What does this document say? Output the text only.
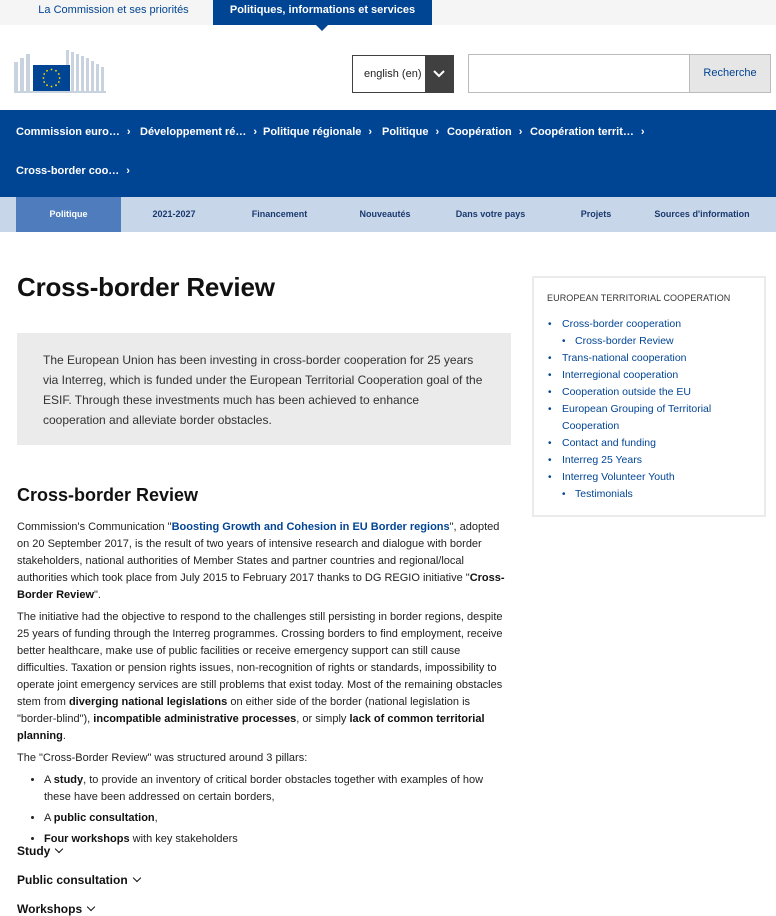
La Commission et ses priorités	Politiques, informations et services
english (en)	Recherche
Commission euro… › Développement ré… › Politique régionale › Politique › Coopération › Coopération territ… ›
Cross-border coo… ›
Politique	2021-2027	Financement	Nouveautés	Dans votre pays	Projets	Sources d'information
Cross-border Review
The European Union has been investing in cross-border cooperation for 25 years via Interreg, which is funded under the European Territorial Cooperation goal of the ESIF. Through these investments much has been achieved to enhance cooperation and alleviate border obstacles.
Cross-border Review

Commission's Communication "Boosting Growth and Cohesion in EU Border regions", adopted on 20 September 2017, is the result of two years of intensive research and dialogue with border stakeholders, national authorities of Member States and partner countries and regional/local authorities which took place from July 2015 to February 2017 thanks to DG REGIO initiative "Cross-Border Review".

The initiative had the objective to respond to the challenges still persisting in border regions, despite 25 years of funding through the Interreg programmes. Crossing borders to find employment, receive better healthcare, make use of public facilities or receive emergency support can still cause difficulties. Taxation or pension rights issues, non-recognition of rights or standards, impossibility to operate joint emergency services are still problems that exist today. Most of the remaining obstacles stem from diverging national legislations on either side of the border (national legislation is "border-blind"), incompatible administrative processes, or simply lack of common territorial planning.

The "Cross-Border Review" was structured around 3 pillars:

• A study, to provide an inventory of critical border obstacles together with examples of how these have been addressed on certain borders,
• A public consultation,
• Four workshops with key stakeholders
Study
Public consultation
Workshops
EUROPEAN TERRITORIAL COOPERATION
• Cross-border cooperation
• Cross-border Review
• Trans-national cooperation
• Interregional cooperation
• Cooperation outside the EU
• European Grouping of Territorial Cooperation
• Contact and funding
• Interreg 25 Years
• Interreg Volunteer Youth
• Testimonials
